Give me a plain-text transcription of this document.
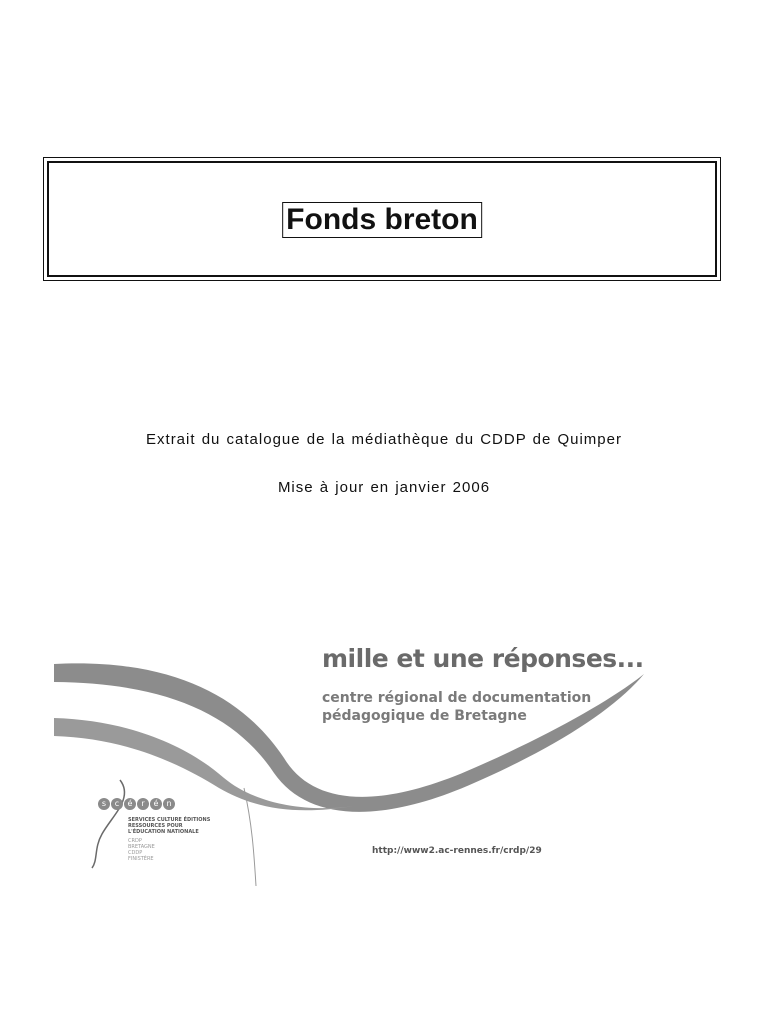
Fonds breton
Extrait du catalogue de la médiathèque du CDDP de Quimper
Mise à jour en janvier 2006
mille et une réponses...
centre régional de documentation
pédagogique de Bretagne
http://www2.ac-rennes.fr/crdp/29
s	c	é	r	é	n
SERVICES CULTURE ÉDITIONS
RESSOURCES POUR
L'ÉDUCATION NATIONALE
CRDP
BRETAGNE
CDDP
FINISTÈRE
